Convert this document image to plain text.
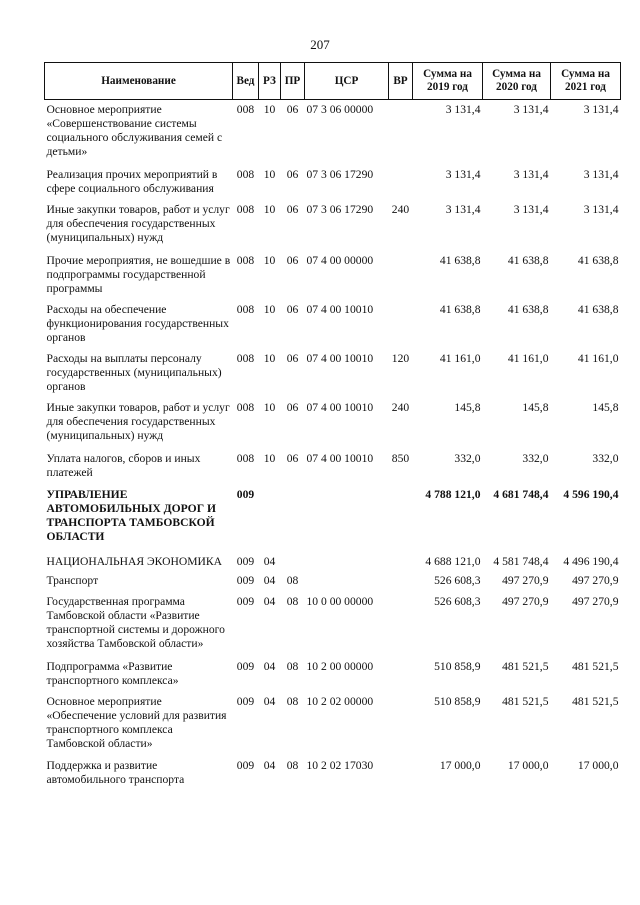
207
Наименование	Вед	РЗ	ПР	ЦСР	ВР	Сумма на 2019 год	Сумма на 2020 год	Сумма на 2021 год
Основное мероприятие «Совершенствование системы социального обслуживания семей с детьми»	008	10	06	07 3 06 00000		3 131,4	3 131,4	3 131,4
Реализация прочих мероприятий в сфере социального обслуживания	008	10	06	07 3 06 17290		3 131,4	3 131,4	3 131,4
Иные закупки товаров, работ и услуг для обеспечения государственных (муниципальных) нужд	008	10	06	07 3 06 17290	240	3 131,4	3 131,4	3 131,4
Прочие мероприятия, не вошедшие в подпрограммы государственной программы	008	10	06	07 4 00 00000		41 638,8	41 638,8	41 638,8
Расходы на обеспечение функционирования государственных органов	008	10	06	07 4 00 10010		41 638,8	41 638,8	41 638,8
Расходы на выплаты персоналу государственных (муниципальных) органов	008	10	06	07 4 00 10010	120	41 161,0	41 161,0	41 161,0
Иные закупки товаров, работ и услуг для обеспечения государственных (муниципальных) нужд	008	10	06	07 4 00 10010	240	145,8	145,8	145,8
Уплата налогов, сборов и иных платежей	008	10	06	07 4 00 10010	850	332,0	332,0	332,0
УПРАВЛЕНИЕ АВТОМОБИЛЬНЫХ ДОРОГ И ТРАНСПОРТА ТАМБОВСКОЙ ОБЛАСТИ	009					4 788 121,0	4 681 748,4	4 596 190,4
НАЦИОНАЛЬНАЯ ЭКОНОМИКА	009	04				4 688 121,0	4 581 748,4	4 496 190,4
Транспорт	009	04	08			526 608,3	497 270,9	497 270,9
Государственная программа Тамбовской области «Развитие транспортной системы и дорожного хозяйства Тамбовской области»	009	04	08	10 0 00 00000		526 608,3	497 270,9	497 270,9
Подпрограмма «Развитие транспортного комплекса»	009	04	08	10 2 00 00000		510 858,9	481 521,5	481 521,5
Основное мероприятие «Обеспечение условий для развития транспортного комплекса Тамбовской области»	009	04	08	10 2 02 00000		510 858,9	481 521,5	481 521,5
Поддержка и развитие автомобильного транспорта	009	04	08	10 2 02 17030		17 000,0	17 000,0	17 000,0
